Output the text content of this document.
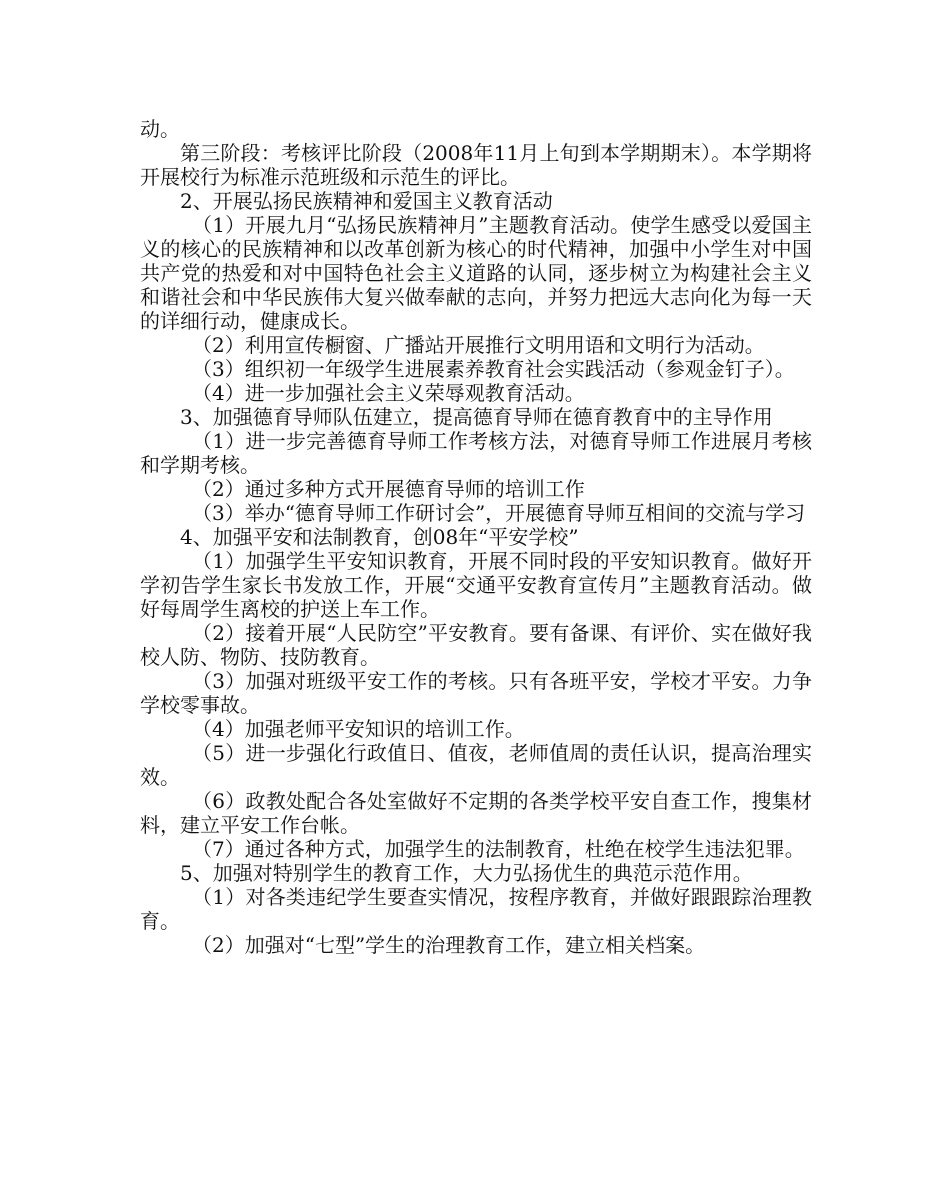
动。

第三阶段：考核评比阶段（2008年11月上旬到本学期期末）。本学期将开展校行为标准示范班级和示范生的评比。

2、开展弘扬民族精神和爱国主义教育活动

（1）开展九月“弘扬民族精神月”主题教育活动。使学生感受以爱国主义的核心的民族精神和以改革创新为核心的时代精神，加强中小学生对中国共产党的热爱和对中国特色社会主义道路的认同，逐步树立为构建社会主义和谐社会和中华民族伟大复兴做奉献的志向，并努力把远大志向化为每一天的详细行动，健康成长。

（2）利用宣传橱窗、广播站开展推行文明用语和文明行为活动。

（3）组织初一年级学生进展素养教育社会实践活动（参观金钉子）。

（4）进一步加强社会主义荣辱观教育活动。

3、加强德育导师队伍建立，提高德育导师在德育教育中的主导作用

（1）进一步完善德育导师工作考核方法，对德育导师工作进展月考核和学期考核。

（2）通过多种方式开展德育导师的培训工作

（3）举办“德育导师工作研讨会”，开展德育导师互相间的交流与学习

4、加强平安和法制教育，创08年“平安学校”

（1）加强学生平安知识教育，开展不同时段的平安知识教育。做好开学初告学生家长书发放工作，开展“交通平安教育宣传月”主题教育活动。做好每周学生离校的护送上车工作。

（2）接着开展“人民防空”平安教育。要有备课、有评价、实在做好我校人防、物防、技防教育。

（3）加强对班级平安工作的考核。只有各班平安，学校才平安。力争学校零事故。

（4）加强老师平安知识的培训工作。

（5）进一步强化行政值日、值夜，老师值周的责任认识，提高治理实效。

（6）政教处配合各处室做好不定期的各类学校平安自查工作，搜集材料，建立平安工作台帐。

（7）通过各种方式，加强学生的法制教育，杜绝在校学生违法犯罪。

5、加强对特别学生的教育工作，大力弘扬优生的典范示范作用。

（1）对各类违纪学生要查实情况，按程序教育，并做好跟跟踪治理教育。

（2）加强对“七型”学生的治理教育工作，建立相关档案。
